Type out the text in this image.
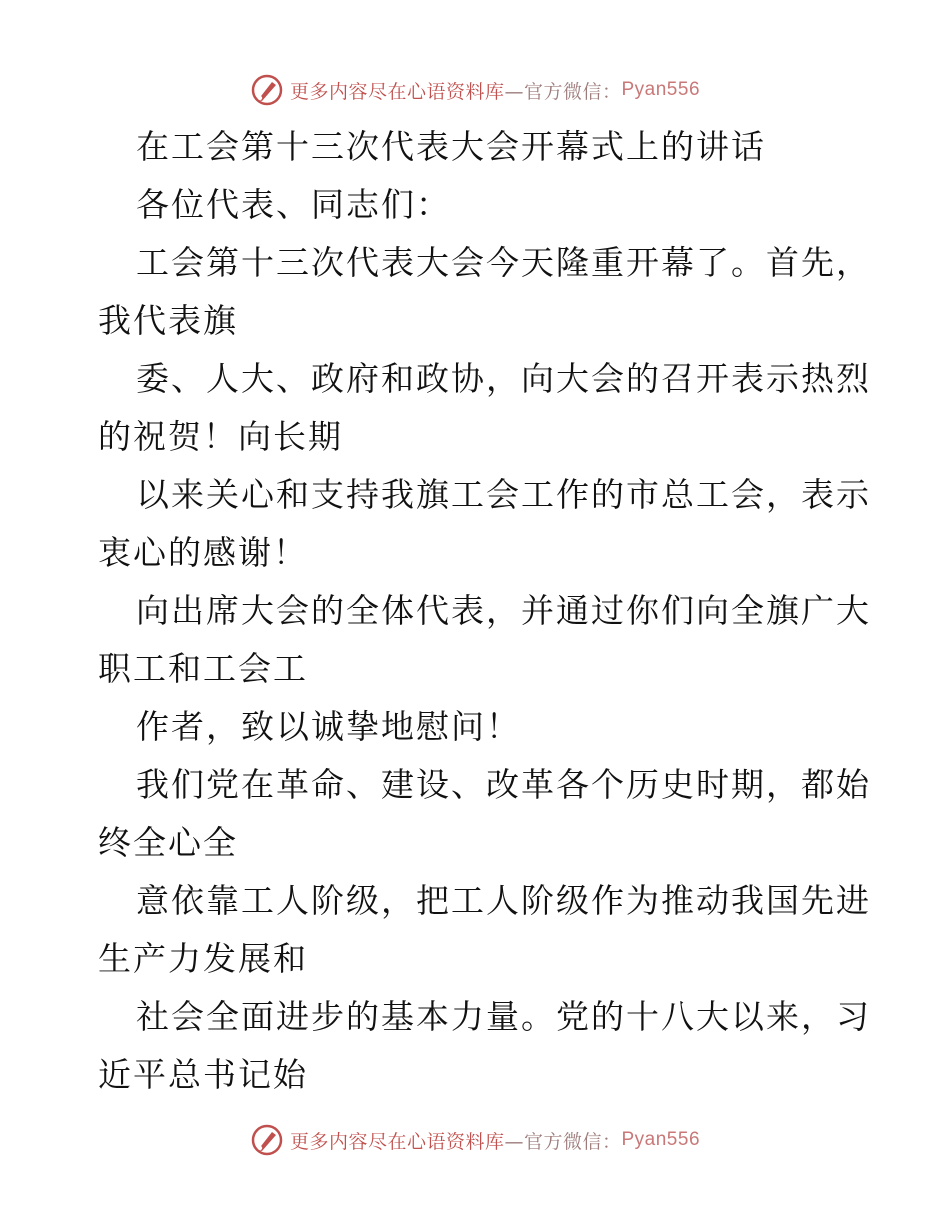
更多内容尽在心语资料库 —官方微信： Pyan556
在工会第十三次代表大会开幕式上的讲话
各位代表、同志们：
工会第十三次代表大会今天隆重开幕了。首先，
我代表旗
委、人大、政府和政协，向大会的召开表示热烈
的祝贺！向长期
以来关心和支持我旗工会工作的市总工会，表示
衷心的感谢！
向出席大会的全体代表，并通过你们向全旗广大
职工和工会工
作者，致以诚挚地慰问！
我们党在革命、建设、改革各个历史时期，都始
终全心全
意依靠工人阶级，把工人阶级作为推动我国先进
生产力发展和
社会全面进步的基本力量。党的十八大以来，习
近平总书记始
更多内容尽在心语资料库 —官方微信： Pyan556
